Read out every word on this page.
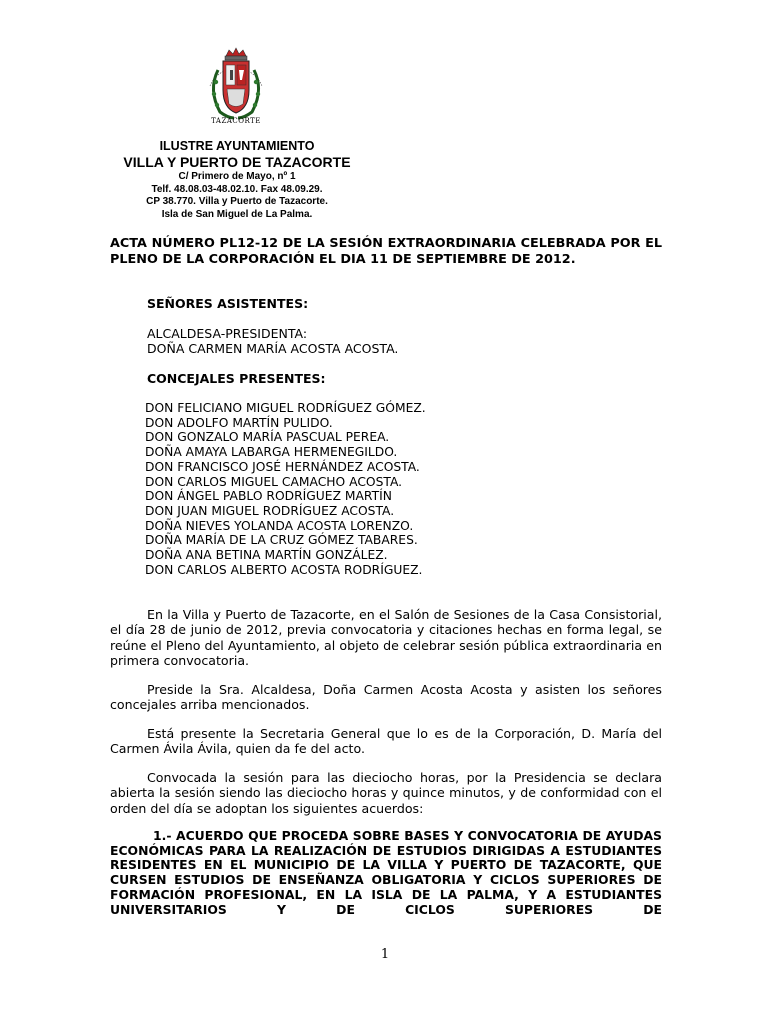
TAZACORTE
ILUSTRE AYUNTAMIENTO
VILLA Y PUERTO DE TAZACORTE
C/ Primero de Mayo, nº 1
Telf. 48.08.03-48.02.10. Fax 48.09.29.
CP 38.770. Villa y Puerto de Tazacorte.
Isla de San Miguel de La Palma.
ACTA NÚMERO PL12-12 DE LA SESIÓN EXTRAORDINARIA CELEBRADA POR EL PLENO DE LA CORPORACIÓN EL DIA 11 DE SEPTIEMBRE DE 2012.
SEÑORES ASISTENTES:
ALCALDESA-PRESIDENTA:
DOÑA CARMEN MARÍA ACOSTA ACOSTA.
CONCEJALES PRESENTES:
DON FELICIANO MIGUEL RODRÍGUEZ GÓMEZ.
DON ADOLFO MARTÍN PULIDO.
DON GONZALO MARÍA PASCUAL PEREA.
DOÑA AMAYA LABARGA HERMENEGILDO.
DON FRANCISCO JOSÉ HERNÁNDEZ ACOSTA.
DON CARLOS MIGUEL CAMACHO ACOSTA.
DON ÁNGEL PABLO RODRÍGUEZ MARTÍN
DON JUAN MIGUEL RODRÍGUEZ ACOSTA.
DOÑA NIEVES YOLANDA ACOSTA LORENZO.
DOÑA MARÍA DE LA CRUZ GÓMEZ TABARES.
DOÑA ANA BETINA MARTÍN GONZÁLEZ.
DON CARLOS ALBERTO ACOSTA RODRÍGUEZ.
En la Villa y Puerto de Tazacorte, en el Salón de Sesiones de la Casa Consistorial, el día 28 de junio de 2012, previa convocatoria y citaciones hechas en forma legal, se reúne el Pleno del Ayuntamiento, al objeto de celebrar sesión pública extraordinaria en primera convocatoria.
Preside la Sra. Alcaldesa, Doña Carmen Acosta Acosta y asisten los señores concejales arriba mencionados.
Está presente la Secretaria General que lo es de la Corporación, D. María del Carmen Ávila Ávila, quien da fe del acto.
Convocada la sesión para las dieciocho horas, por la Presidencia se declara abierta la sesión siendo las dieciocho horas y quince minutos, y de conformidad con el orden del día se adoptan los siguientes acuerdos:
1.- ACUERDO QUE PROCEDA SOBRE BASES Y CONVOCATORIA DE AYUDAS ECONÓMICAS PARA LA REALIZACIÓN DE ESTUDIOS DIRIGIDAS A ESTUDIANTES RESIDENTES EN EL MUNICIPIO DE LA VILLA Y PUERTO DE TAZACORTE, QUE CURSEN ESTUDIOS DE ENSEÑANZA OBLIGATORIA Y CICLOS SUPERIORES DE FORMACIÓN PROFESIONAL, EN LA ISLA DE LA PALMA, Y A ESTUDIANTES UNIVERSITARIOS Y DE CICLOS SUPERIORES DE
1
